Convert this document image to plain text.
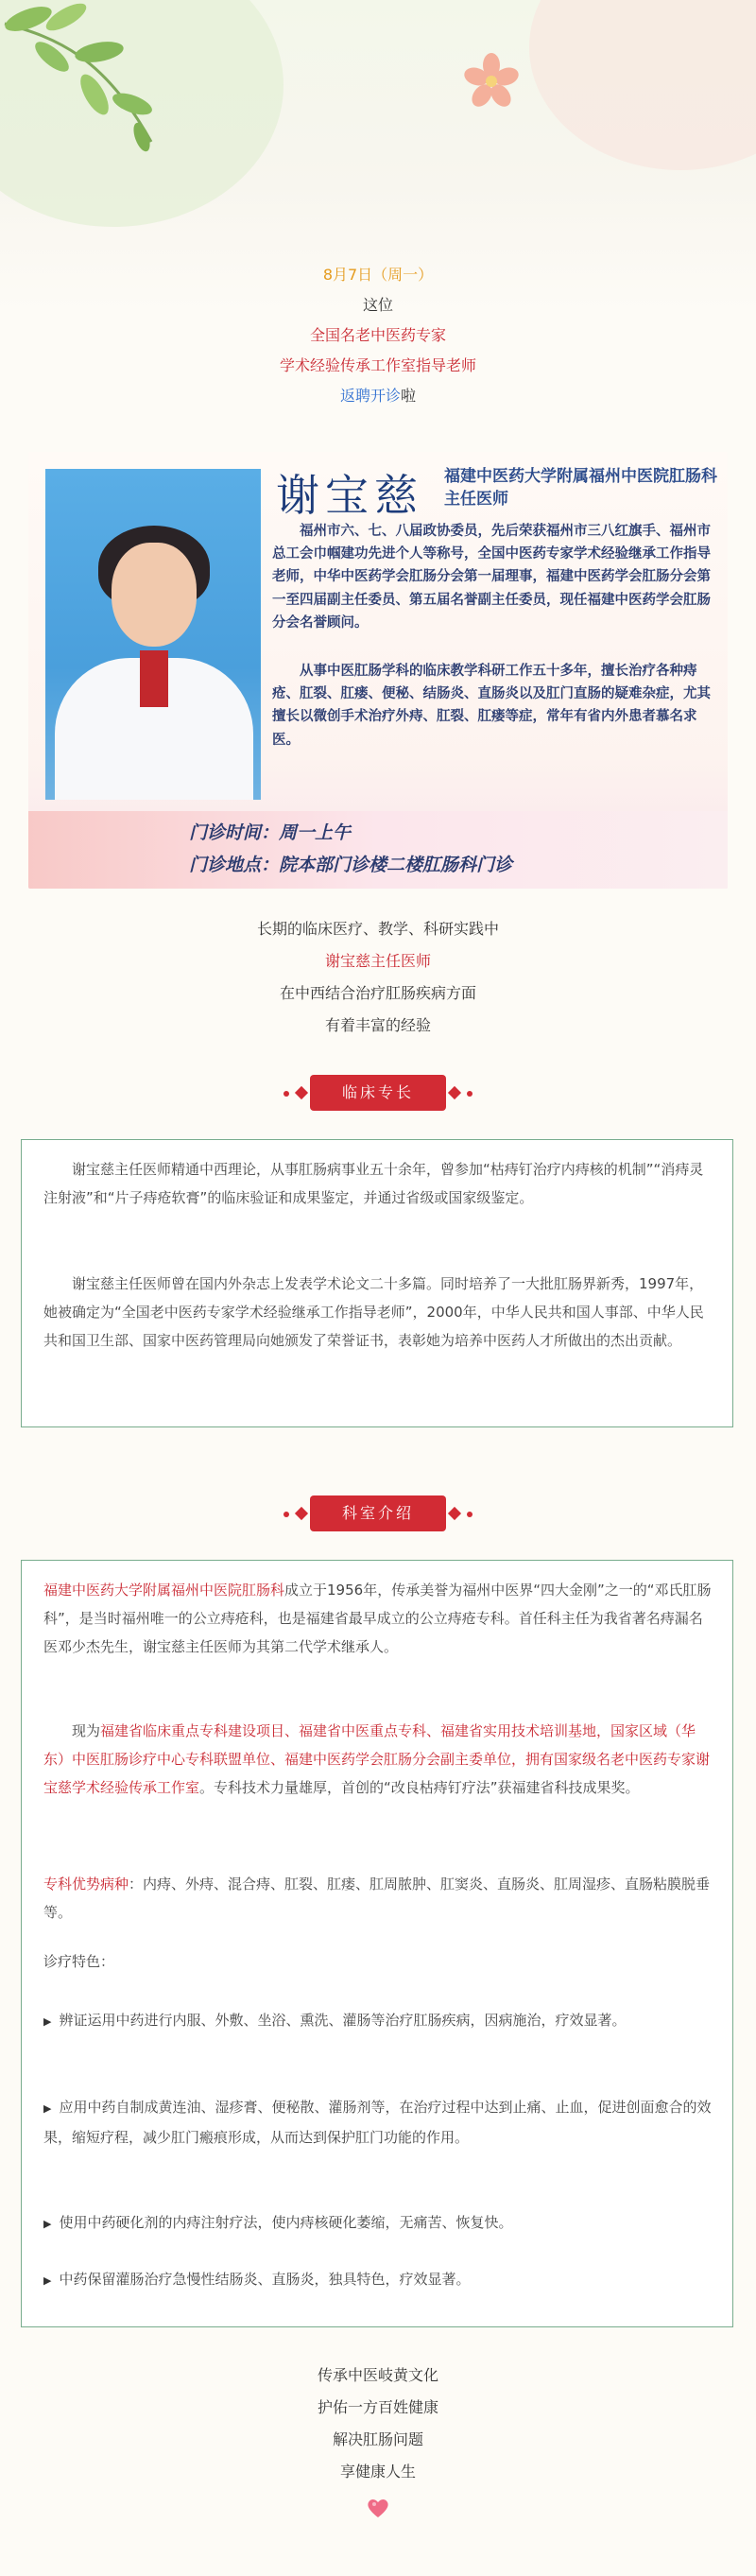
8月7日（周一）
这位
全国名老中医药专家
学术经验传承工作室指导老师
返聘开诊啦
谢宝慈 福建中医药大学附属福州中医院肛肠科主任医师

福州市六、七、八届政协委员，先后荣获福州市三八红旗手、福州市总工会巾帼建功先进个人等称号，全国中医药专家学术经验继承工作指导老师，中华中医药学会肛肠分会第一届理事，福建中医药学会肛肠分会第一至四届副主任委员、第五届名誉副主任委员，现任福建中医药学会肛肠分会名誉顾问。

从事中医肛肠学科的临床教学科研工作五十多年，擅长治疗各种痔疮、肛裂、肛瘘、便秘、结肠炎、直肠炎以及肛门直肠的疑难杂症，尤其擅长以微创手术治疗外痔、肛裂、肛瘘等症，常年有省内外患者慕名求医。

门诊时间：周一上午
门诊地点：院本部门诊楼二楼肛肠科门诊
长期的临床医疗、教学、科研实践中
谢宝慈主任医师
在中西结合治疗肛肠疾病方面
有着丰富的经验
临床专长

谢宝慈主任医师精通中西理论，从事肛肠病事业五十余年，曾参加“枯痔钉治疗内痔核的机制”“消痔灵注射液”和“片子痔疮软膏”的临床验证和成果鉴定，并通过省级或国家级鉴定。

谢宝慈主任医师曾在国内外杂志上发表学术论文二十多篇。同时培养了一大批肛肠界新秀，1997年，她被确定为“全国老中医药专家学术经验继承工作指导老师”，2000年，中华人民共和国人事部、中华人民共和国卫生部、国家中医药管理局向她颁发了荣誉证书，表彰她为培养中医药人才所做出的杰出贡献。

科室介绍

福建中医药大学附属福州中医院肛肠科成立于1956年，传承美誉为福州中医界“四大金刚”之一的“邓氏肛肠科”，是当时福州唯一的公立痔疮科，也是福建省最早成立的公立痔疮专科。首任科主任为我省著名痔漏名医邓少杰先生，谢宝慈主任医师为其第二代学术继承人。

现为福建省临床重点专科建设项目、福建省中医重点专科、福建省实用技术培训基地，国家区域（华东）中医肛肠诊疗中心专科联盟单位、福建中医药学会肛肠分会副主委单位，拥有国家级名老中医药专家谢宝慈学术经验传承工作室。专科技术力量雄厚，首创的“改良枯痔钉疗法”获福建省科技成果奖。

专科优势病种：内痔、外痔、混合痔、肛裂、肛瘘、肛周脓肿、肛窦炎、直肠炎、肛周湿疹、直肠粘膜脱垂等。

诊疗特色：

▶ 辨证运用中药进行内服、外敷、坐浴、熏洗、灌肠等治疗肛肠疾病，因病施治，疗效显著。

▶ 应用中药自制成黄连油、湿疹膏、便秘散、灌肠剂等，在治疗过程中达到止痛、止血，促进创面愈合的效果，缩短疗程，减少肛门瘢痕形成，从而达到保护肛门功能的作用。

▶ 使用中药硬化剂的内痔注射疗法，使内痔核硬化萎缩，无痛苦、恢复快。

▶ 中药保留灌肠治疗急慢性结肠炎、直肠炎，独具特色，疗效显著。

传承中医岐黄文化
护佑一方百姓健康
解决肛肠问题
享健康人生
